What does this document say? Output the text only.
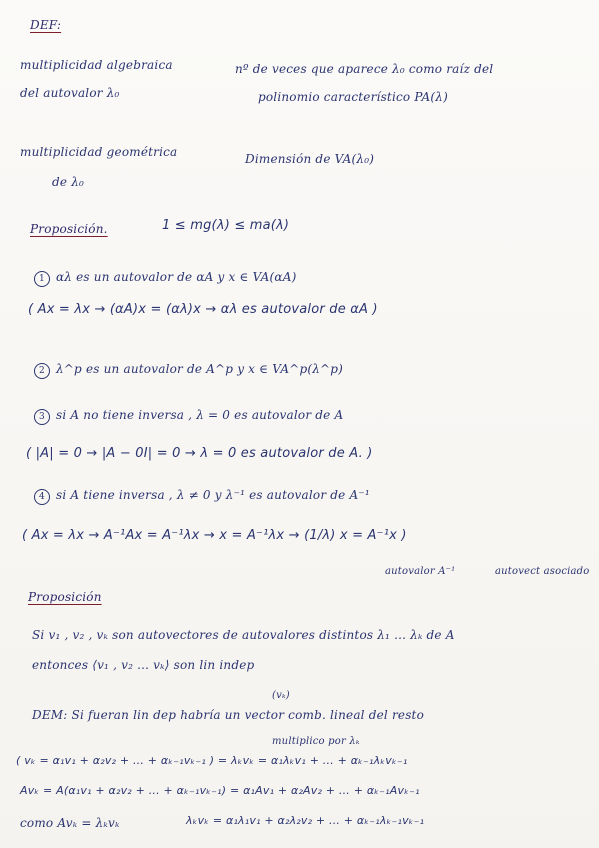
DEF:
multiplicidad algebraica
del autovalor λ₀
nº de veces que aparece λ₀ como raíz del
polinomio característico PA(λ)
multiplicidad geométrica
de λ₀
Dimensión de VA(λ₀)
Proposición.	1 ≤ mg(λ) ≤ ma(λ)
1 αλ es un autovalor de αA y x ∈ VA(αA)
( Ax = λx → (αA)x = (αλ)x → αλ es autovalor de αA )
2 λ^p es un autovalor de A^p y x ∈ VA^p(λ^p)
3 si A no tiene inversa , λ = 0 es autovalor de A
( |A| = 0 → |A − 0I| = 0 → λ = 0 es autovalor de A. )
4 si A tiene inversa , λ ≠ 0 y λ⁻¹ es autovalor de A⁻¹
( Ax = λx → A⁻¹Ax = A⁻¹λx → x = A⁻¹λx → (1/λ) x = A⁻¹x )
autovalor A⁻¹	autovect asociado
Proposición
Si v₁ , v₂ , vₖ son autovectores de autovalores distintos λ₁ ... λₖ de A
entonces ⟨v₁ , v₂ ... vₖ⟩ son lin indep
(vₖ)
DEM: Si fueran lin dep habría un vector comb. lineal del resto
multiplico por λₖ
( vₖ = α₁v₁ + α₂v₂ + ... + αₖ₋₁vₖ₋₁ ) = λₖvₖ = α₁λₖv₁ + ... + αₖ₋₁λₖvₖ₋₁
Avₖ = A(α₁v₁ + α₂v₂ + ... + αₖ₋₁vₖ₋₁) = α₁Av₁ + α₂Av₂ + ... + αₖ₋₁Avₖ₋₁
como Avₖ = λₖvₖ	λₖvₖ = α₁λ₁v₁ + α₂λ₂v₂ + ... + αₖ₋₁λₖ₋₁vₖ₋₁
